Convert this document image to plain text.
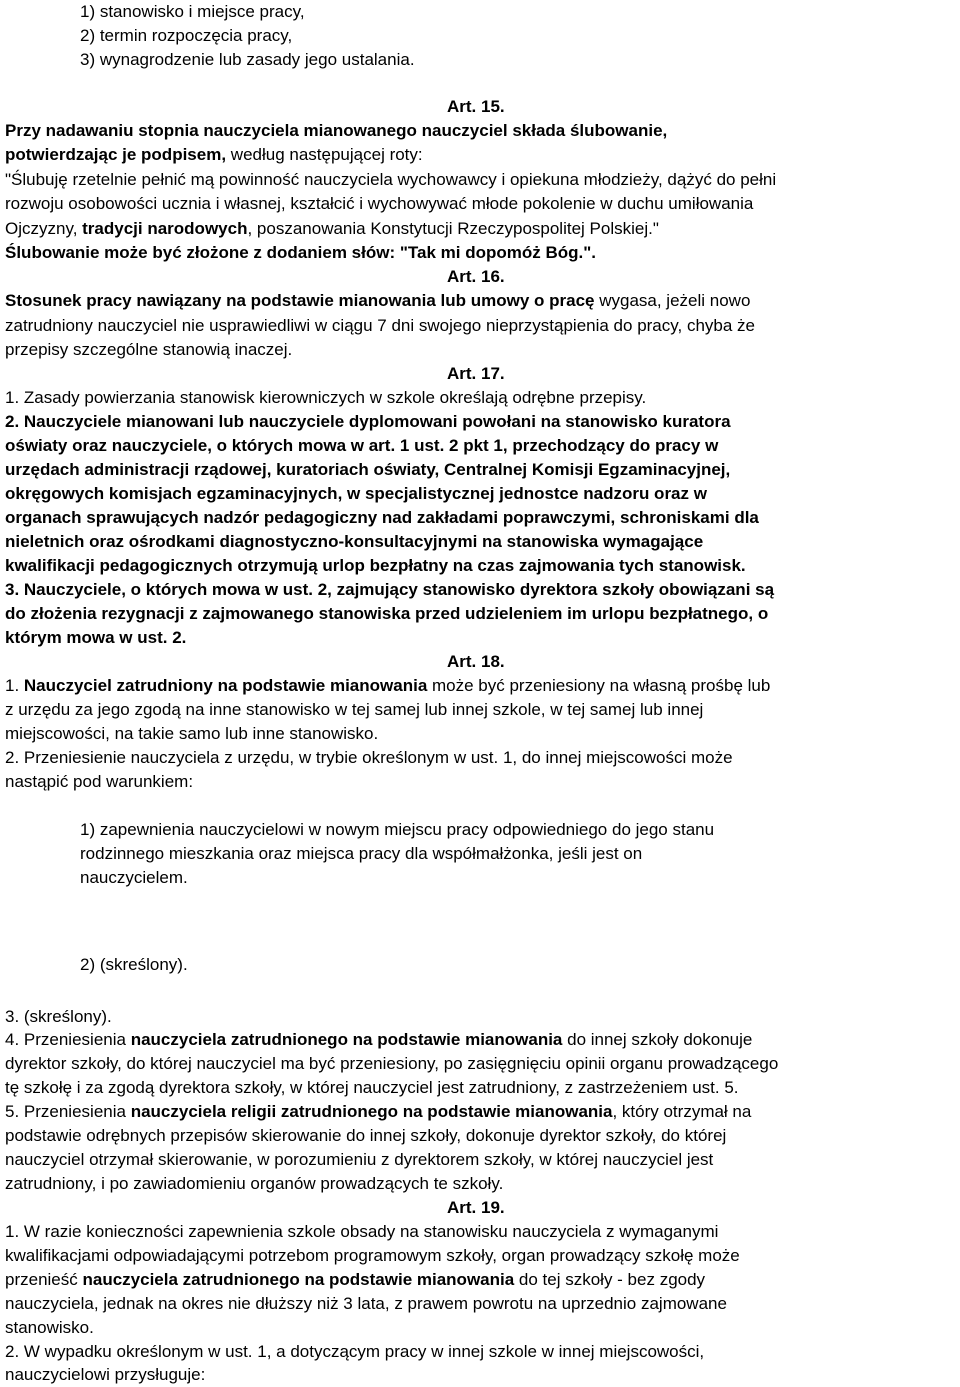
1) stanowisko i miejsce pracy,
2) termin rozpoczęcia pracy,
3) wynagrodzenie lub zasady jego ustalania.
Art. 15.
Przy nadawaniu stopnia nauczyciela mianowanego nauczyciel składa ślubowanie,
potwierdzając je podpisem, według następującej roty:
"Ślubuję rzetelnie pełnić mą powinność nauczyciela wychowawcy i opiekuna młodzieży, dążyć do pełni
rozwoju osobowości ucznia i własnej, kształcić i wychowywać młode pokolenie w duchu umiłowania
Ojczyzny, tradycji narodowych, poszanowania Konstytucji Rzeczypospolitej Polskiej."
Ślubowanie może być złożone z dodaniem słów: "Tak mi dopomóż Bóg.".
Art. 16.
Stosunek pracy nawiązany na podstawie mianowania lub umowy o pracę wygasa, jeżeli nowo
zatrudniony nauczyciel nie usprawiedliwi w ciągu 7 dni swojego nieprzystąpienia do pracy, chyba że
przepisy szczególne stanowią inaczej.
Art. 17.
1. Zasady powierzania stanowisk kierowniczych w szkole określają odrębne przepisy.
2. Nauczyciele mianowani lub nauczyciele dyplomowani powołani na stanowisko kuratora
oświaty oraz nauczyciele, o których mowa w art. 1 ust. 2 pkt 1, przechodzący do pracy w
urzędach administracji rządowej, kuratoriach oświaty, Centralnej Komisji Egzaminacyjnej,
okręgowych komisjach egzaminacyjnych, w specjalistycznej jednostce nadzoru oraz w
organach sprawujących nadzór pedagogiczny nad zakładami poprawczymi, schroniskami dla
nieletnich oraz ośrodkami diagnostyczno-konsultacyjnymi na stanowiska wymagające
kwalifikacji pedagogicznych otrzymują urlop bezpłatny na czas zajmowania tych stanowisk.
3. Nauczyciele, o których mowa w ust. 2, zajmujący stanowisko dyrektora szkoły obowiązani są
do złożenia rezygnacji z zajmowanego stanowiska przed udzieleniem im urlopu bezpłatnego, o
którym mowa w ust. 2.
Art. 18.
1. Nauczyciel zatrudniony na podstawie mianowania może być przeniesiony na własną prośbę lub
z urzędu za jego zgodą na inne stanowisko w tej samej lub innej szkole, w tej samej lub innej
miejscowości, na takie samo lub inne stanowisko.
2. Przeniesienie nauczyciela z urzędu, w trybie określonym w ust. 1, do innej miejscowości może
nastąpić pod warunkiem:
1) zapewnienia nauczycielowi w nowym miejscu pracy odpowiedniego do jego stanu
rodzinnego mieszkania oraz miejsca pracy dla współmałżonka, jeśli jest on
nauczycielem.
2) (skreślony).
3. (skreślony).
4. Przeniesienia nauczyciela zatrudnionego na podstawie mianowania do innej szkoły dokonuje
dyrektor szkoły, do której nauczyciel ma być przeniesiony, po zasięgnięciu opinii organu prowadzącego
tę szkołę i za zgodą dyrektora szkoły, w której nauczyciel jest zatrudniony, z zastrzeżeniem ust. 5.
5. Przeniesienia nauczyciela religii zatrudnionego na podstawie mianowania, który otrzymał na
podstawie odrębnych przepisów skierowanie do innej szkoły, dokonuje dyrektor szkoły, do której
nauczyciel otrzymał skierowanie, w porozumieniu z dyrektorem szkoły, w której nauczyciel jest
zatrudniony, i po zawiadomieniu organów prowadzących te szkoły.
Art. 19.
1. W razie konieczności zapewnienia szkole obsady na stanowisku nauczyciela z wymaganymi
kwalifikacjami odpowiadającymi potrzebom programowym szkoły, organ prowadzący szkołę może
przenieść nauczyciela zatrudnionego na podstawie mianowania do tej szkoły - bez zgody
nauczyciela, jednak na okres nie dłuższy niż 3 lata, z prawem powrotu na uprzednio zajmowane
stanowisko.
2. W wypadku określonym w ust. 1, a dotyczącym pracy w innej szkole w innej miejscowości,
nauczycielowi przysługuje:
